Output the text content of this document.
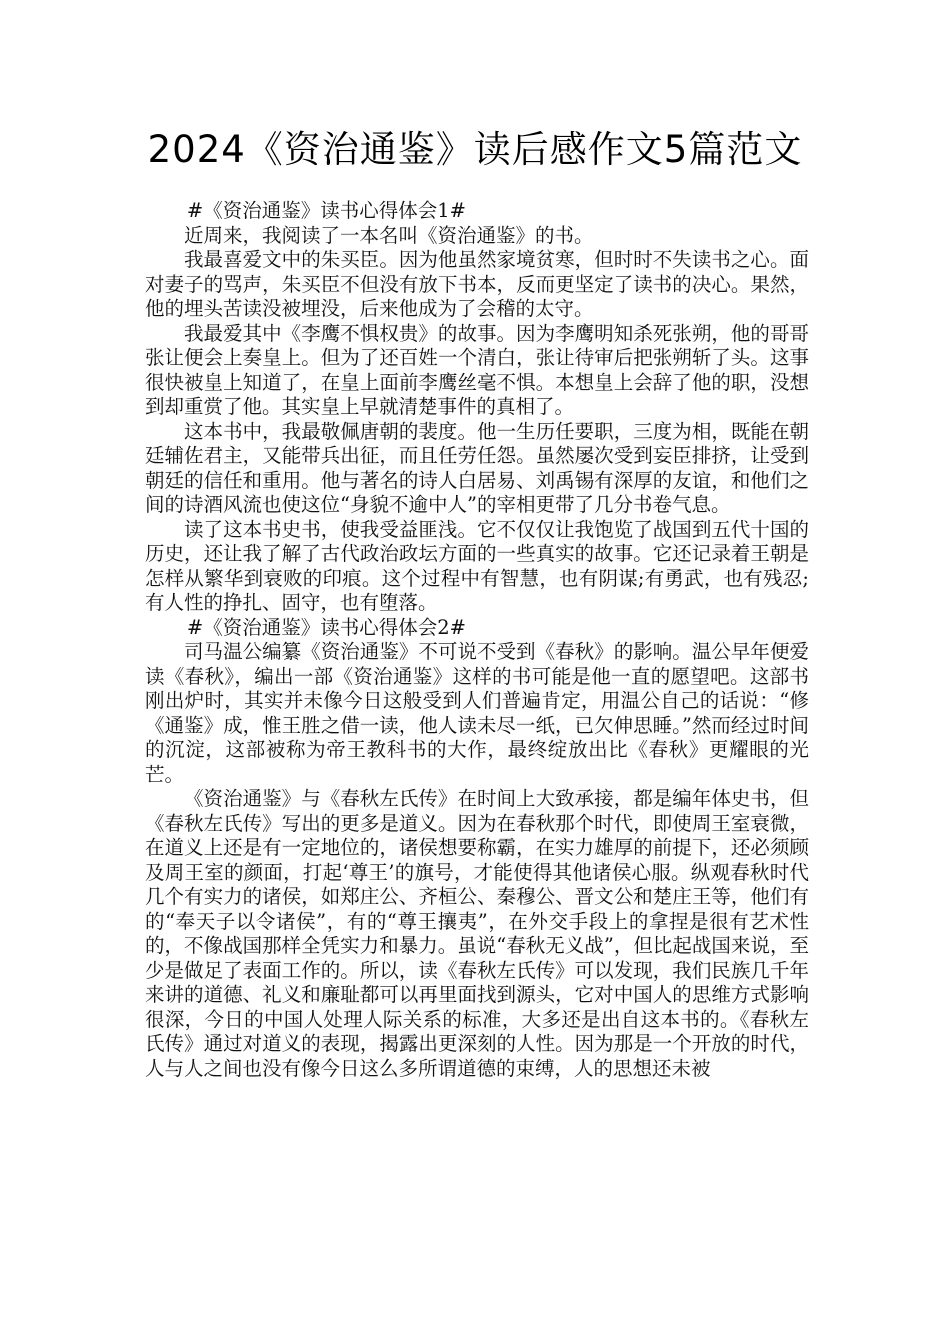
2024《资治通鉴》读后感作文5篇范文

#《资治通鉴》读书心得体会1#

近周来，我阅读了一本名叫《资治通鉴》的书。

我最喜爱文中的朱买臣。因为他虽然家境贫寒，但时时不失读书之心。面对妻子的骂声，朱买臣不但没有放下书本，反而更坚定了读书的决心。果然，他的埋头苦读没被埋没，后来他成为了会稽的太守。

我最爱其中《李鹰不惧权贵》的故事。因为李鹰明知杀死张朔，他的哥哥张让便会上奏皇上。但为了还百姓一个清白，张让待审后把张朔斩了头。这事很快被皇上知道了，在皇上面前李鹰丝毫不惧。本想皇上会辞了他的职，没想到却重赏了他。其实皇上早就清楚事件的真相了。

这本书中，我最敬佩唐朝的裴度。他一生历任要职，三度为相，既能在朝廷辅佐君主，又能带兵出征，而且任劳任怨。虽然屡次受到妄臣排挤，让受到朝廷的信任和重用。他与著名的诗人白居易、刘禹锡有深厚的友谊，和他们之间的诗酒风流也使这位“身貌不逾中人”的宰相更带了几分书卷气息。

读了这本书史书，使我受益匪浅。它不仅仅让我饱览了战国到五代十国的历史，还让我了解了古代政治政坛方面的一些真实的故事。它还记录着王朝是怎样从繁华到衰败的印痕。这个过程中有智慧，也有阴谋;有勇武，也有残忍;有人性的挣扎、固守，也有堕落。

#《资治通鉴》读书心得体会2#

司马温公编纂《资治通鉴》不可说不受到《春秋》的影响。温公早年便爱读《春秋》，编出一部《资治通鉴》这样的书可能是他一直的愿望吧。这部书刚出炉时，其实并未像今日这般受到人们普遍肯定，用温公自己的话说：“修《通鉴》成，惟王胜之借一读，他人读未尽一纸，已欠伸思睡。”然而经过时间的沉淀，这部被称为帝王教科书的大作，最终绽放出比《春秋》更耀眼的光芒。

《资治通鉴》与《春秋左氏传》在时间上大致承接，都是编年体史书，但《春秋左氏传》写出的更多是道义。因为在春秋那个时代，即使周王室衰微，在道义上还是有一定地位的，诸侯想要称霸，在实力雄厚的前提下，还必须顾及周王室的颜面，打起‘尊王’的旗号，才能使得其他诸侯心服。纵观春秋时代几个有实力的诸侯，如郑庄公、齐桓公、秦穆公、晋文公和楚庄王等，他们有的“奉天子以令诸侯”，有的“尊王攘夷”，在外交手段上的拿捏是很有艺术性的，不像战国那样全凭实力和暴力。虽说“春秋无义战”，但比起战国来说，至少是做足了表面工作的。所以，读《春秋左氏传》可以发现，我们民族几千年来讲的道德、礼义和廉耻都可以再里面找到源头，它对中国人的思维方式影响很深，今日的中国人处理人际关系的标准，大多还是出自这本书的。《春秋左氏传》通过对道义的表现，揭露出更深刻的人性。因为那是一个开放的时代，人与人之间也没有像今日这么多所谓道德的束缚，人的思想还未被
